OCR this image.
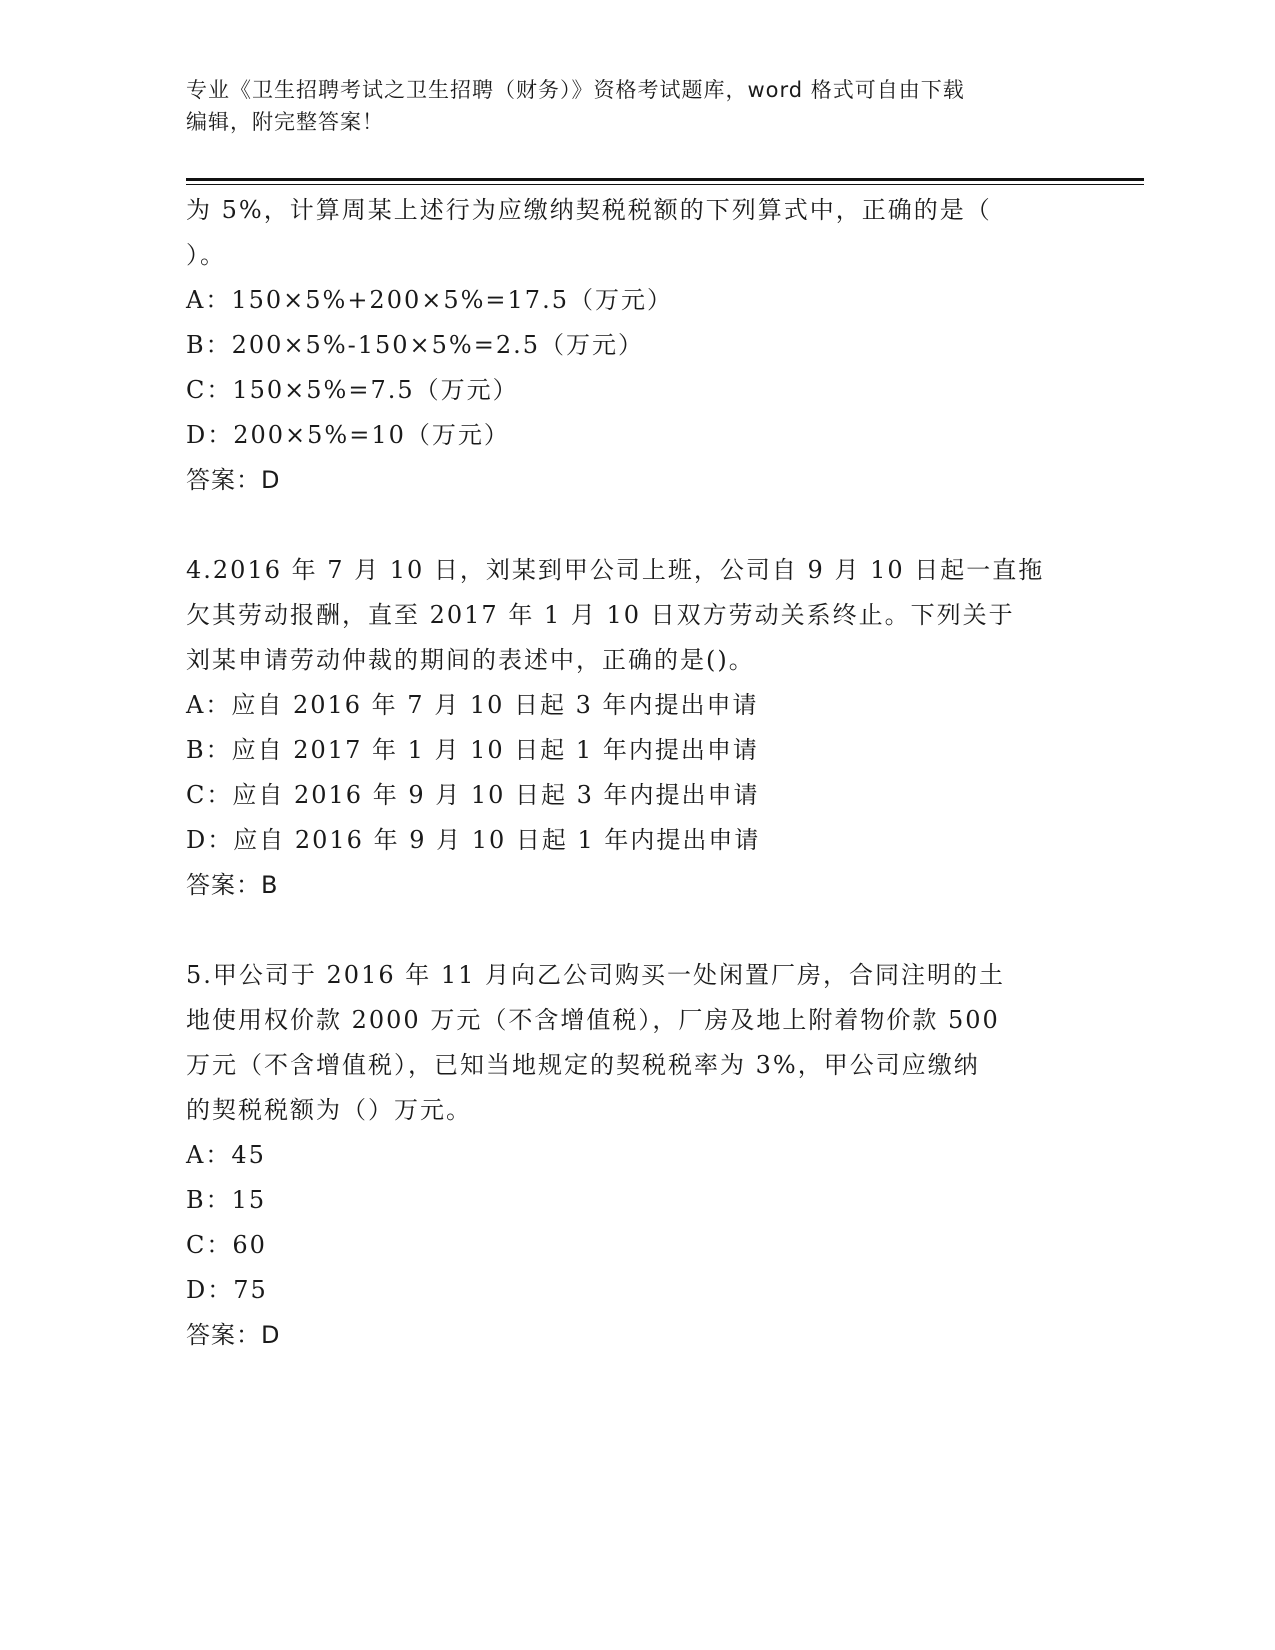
专业《卫生招聘考试之卫生招聘（财务）》资格考试题库，word 格式可自由下载
编辑，附完整答案！
为 5%，计算周某上述行为应缴纳契税税额的下列算式中，正确的是（
）。
A：150×5%+200×5%=17.5（万元）
B：200×5%-150×5%=2.5（万元）
C：150×5%=7.5（万元）
D：200×5%=10（万元）
答案：D
4.2016 年 7 月 10 日，刘某到甲公司上班，公司自 9 月 10 日起一直拖
欠其劳动报酬，直至 2017 年 1 月 10 日双方劳动关系终止。下列关于
刘某申请劳动仲裁的期间的表述中，正确的是()。
A：应自 2016 年 7 月 10 日起 3 年内提出申请
B：应自 2017 年 1 月 10 日起 1 年内提出申请
C：应自 2016 年 9 月 10 日起 3 年内提出申请
D：应自 2016 年 9 月 10 日起 1 年内提出申请
答案：B
5.甲公司于 2016 年 11 月向乙公司购买一处闲置厂房，合同注明的土
地使用权价款 2000 万元（不含增值税），厂房及地上附着物价款 500
万元（不含增值税），已知当地规定的契税税率为 3%，甲公司应缴纳
的契税税额为（）万元。
A：45
B：15
C：60
D：75
答案：D
